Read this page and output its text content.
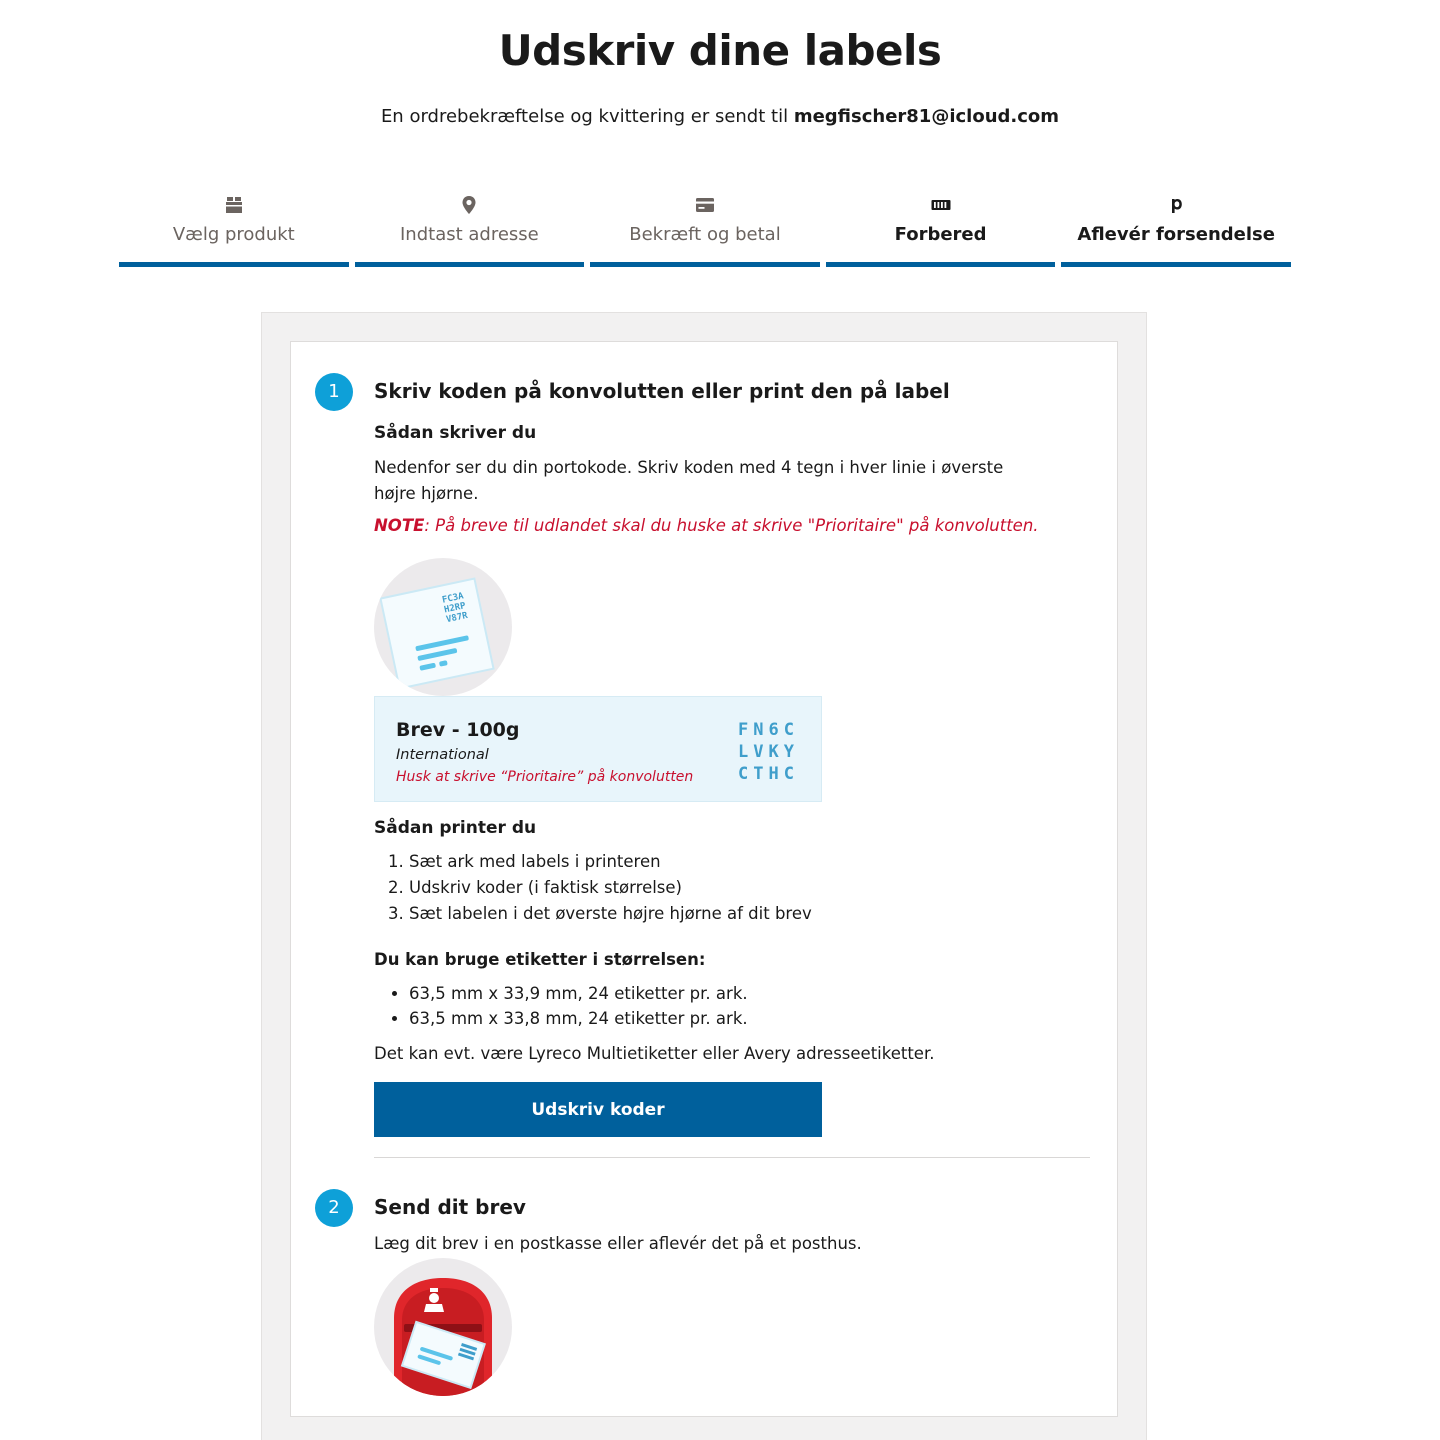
Udskriv dine labels

En ordrebekræftelse og kvittering er sendt til megfischer81@icloud.com

Vælg produkt	Indtast adresse	Bekræft og betal	Forbered	Aflevér forsendelse
1	Skriv koden på konvolutten eller print den på label
Sådan skriver du

Nedenfor ser du din portokode. Skriv koden med 4 tegn i hver linie i øverste højre hjørne.

NOTE: På breve til udlandet skal du huske at skrive "Prioritaire" på konvolutten.

FC3A
H2RP
V87R
Brev - 100g
International
Husk at skrive “Prioritaire” på konvolutten
FN6C
LVKY
CTHC
Sådan printer du
1. Sæt ark med labels i printeren
2. Udskriv koder (i faktisk størrelse)
3. Sæt labelen i det øverste højre hjørne af dit brev
Du kan bruge etiketter i størrelsen:
• 63,5 mm x 33,9 mm, 24 etiketter pr. ark.
• 63,5 mm x 33,8 mm, 24 etiketter pr. ark.

Det kan evt. være Lyreco Multietiketter eller Avery adresseetiketter.

Udskriv koder
2	Send dit brev

Læg dit brev i en postkasse eller aflevér det på et posthus.
